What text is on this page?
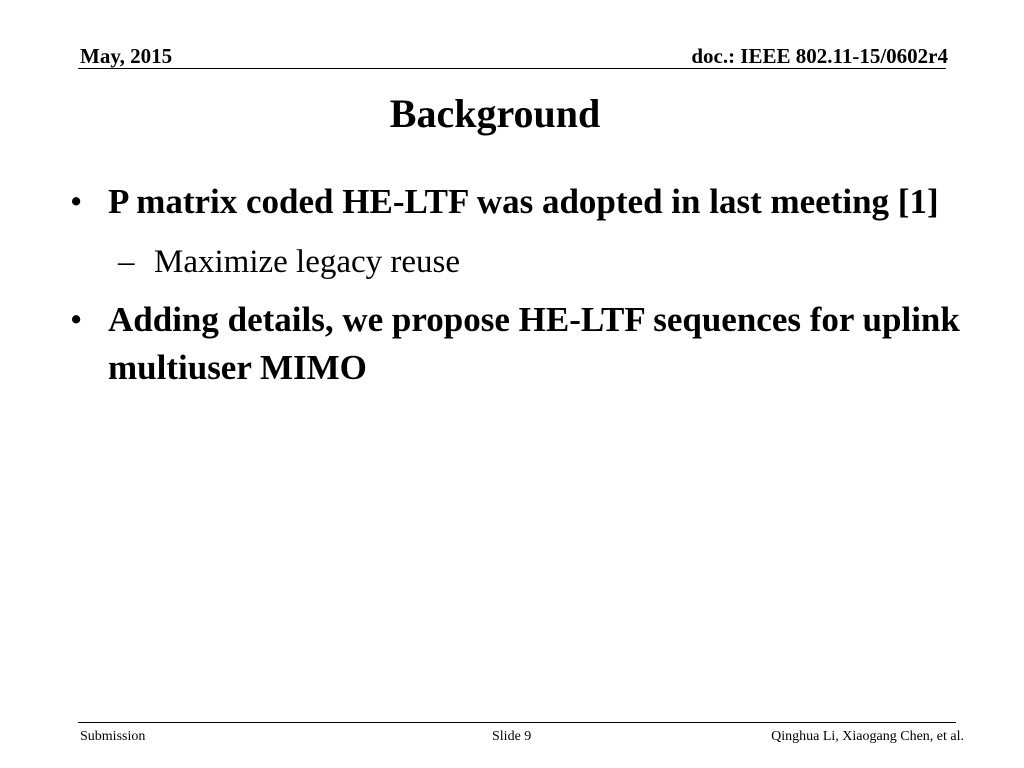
May, 2015	doc.: IEEE 802.11-15/0602r4
Background
• P matrix coded HE-LTF was adopted in last meeting [1]
– Maximize legacy reuse
• Adding details, we propose HE-LTF sequences for uplink multiuser MIMO
Submission	Slide 9	Qinghua Li, Xiaogang Chen, et al.
